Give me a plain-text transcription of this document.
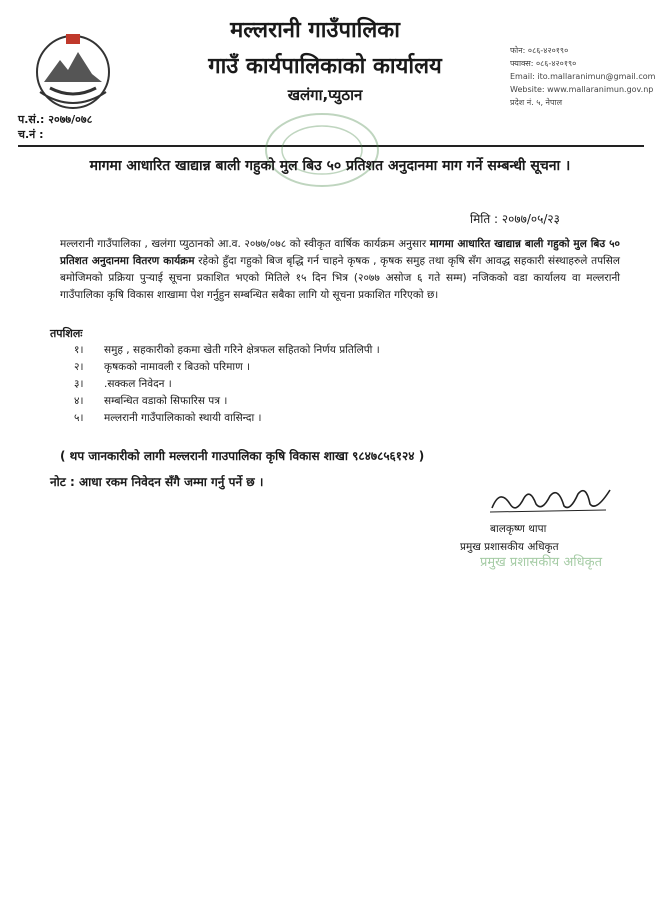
मल्लरानी गाउँपालिका
गाउँ कार्यपालिकाको कार्यालय
खलंगा,प्युठान
फोन: ०८६-४२०१९०
फ्याक्स: ०८६-४२०१९०
Email: ito.mallaranimun@gmail.com
Website: www.mallaranimun.gov.np
प्रदेश नं. ५, नेपाल
प.सं.: २०७७/०७८
च.नं :
मागमा आधारित खाद्यान्न बाली गहुको मुल बिउ ५० प्रतिशत अनुदानमा माग गर्ने सम्बन्धी सूचना ।
मिति : २०७७/०५/२३
मल्लरानी गाउँपालिका , खलंगा प्युठानको आ.व. २०७७/०७८ को स्वीकृत वार्षिक कार्यक्रम अनुसार मागमा आधारित खाद्यान्न बाली गहुको मुल बिउ ५० प्रतिशत अनुदानमा वितरण कार्यक्रम रहेको हुँदा गहुको बिज बृद्धि गर्न चाहने कृषक , कृषक समुह तथा कृषि सँग आवद्ध सहकारी संस्थाहरुले तपसिल बमोजिमको प्रक्रिया पुऱ्याई सूचना प्रकाशित भएको मितिले १५ दिन भित्र (२०७७ असोज ६ गते सम्म) नजिकको वडा कार्यालय वा मल्लरानी गाउँपालिका कृषि विकास शाखामा पेश गर्नुहुन सम्बन्धित सबैका लागि यो सूचना प्रकाशित गरिएको छ।
तपशिलः
१।	समुह , सहकारीको हकमा खेती गरिने क्षेत्रफल सहितको निर्णय प्रतिलिपी ।
२।	कृषकको नामावली र बिउको परिमाण ।
३।	.सक्कल निवेदन ।
४।	सम्बन्धित वडाको सिफारिस पत्र ।
५।	मल्लरानी गाउँपालिकाको स्थायी वासिन्दा ।
( थप जानकारीको लागी मल्लरानी गाउपालिका कृषि विकास शाखा ९८४७८५६१२४ )
नोट : आधा रकम निवेदन सँगै जम्मा गर्नु पर्ने छ ।
बालकृष्ण थापा
प्रमुख प्रशासकीय अधिकृत
प्रमुख प्रशासकीय अधिकृत
